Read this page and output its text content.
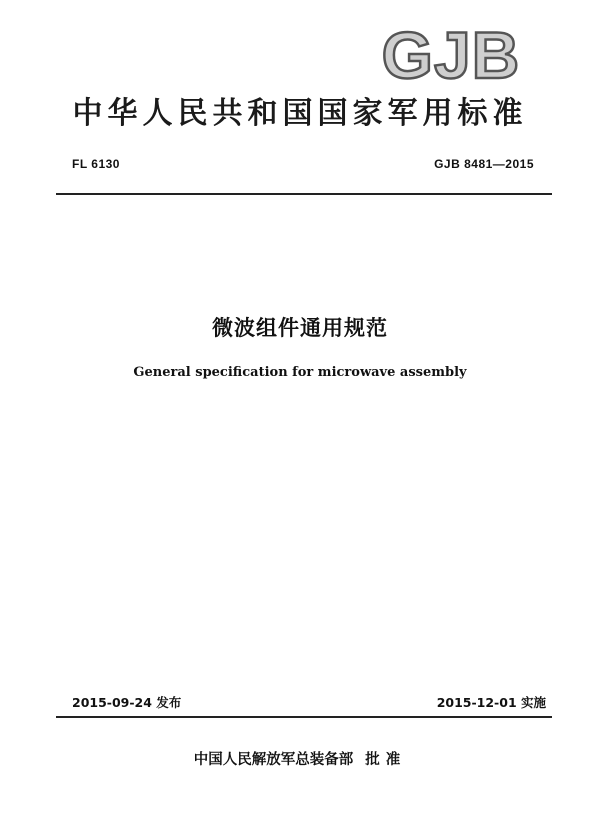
GJB
中华人民共和国国家军用标准
FL 6130	GJB 8481—2015
微波组件通用规范
General specification for microwave assembly
2015-09-24 发布	2015-12-01 实施
中国人民解放军总装备部 批准
